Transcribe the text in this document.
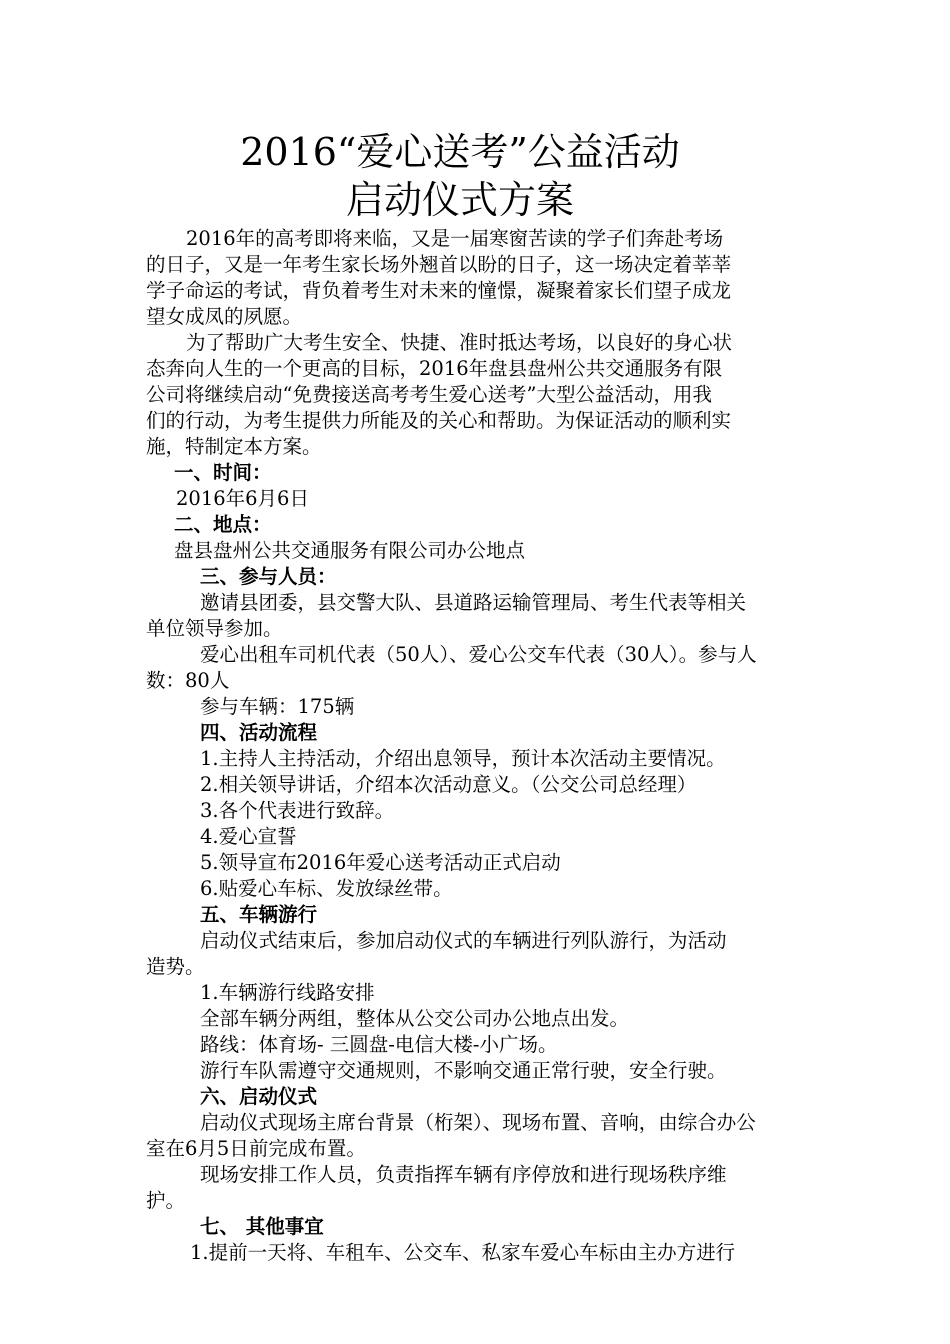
2016“爱心送考”公益活动
启动仪式方案
2016年的高考即将来临，又是一届寒窗苦读的学子们奔赴考场
的日子，又是一年考生家长场外翘首以盼的日子，这一场决定着莘莘
学子命运的考试，背负着考生对未来的憧憬，凝聚着家长们望子成龙
望女成凤的夙愿。
为了帮助广大考生安全、快捷、准时抵达考场，以良好的身心状
态奔向人生的一个更高的目标，2016年盘县盘州公共交通服务有限
公司将继续启动“免费接送高考考生爱心送考”大型公益活动，用我
们的行动，为考生提供力所能及的关心和帮助。为保证活动的顺利实
施，特制定本方案。
一、时间：
2016年6月6日
二、地点：
盘县盘州公共交通服务有限公司办公地点
三、参与人员：
邀请县团委，县交警大队、县道路运输管理局、考生代表等相关
单位领导参加。
爱心出租车司机代表（50人）、爱心公交车代表（30人）。参与人
数：80人
参与车辆：175辆
四、活动流程
1.主持人主持活动，介绍出息领导，预计本次活动主要情况。
2.相关领导讲话，介绍本次活动意义。（公交公司总经理）
3.各个代表进行致辞。
4.爱心宣誓
5.领导宣布2016年爱心送考活动正式启动
6.贴爱心车标、发放绿丝带。
五、车辆游行
启动仪式结束后，参加启动仪式的车辆进行列队游行，为活动
造势。
1.车辆游行线路安排
全部车辆分两组，整体从公交公司办公地点出发。
路线：体育场- 三圆盘-电信大楼-小广场。
游行车队需遵守交通规则，不影响交通正常行驶，安全行驶。
六、启动仪式
启动仪式现场主席台背景（桁架）、现场布置、音响，由综合办公
室在6月5日前完成布置。
现场安排工作人员，负责指挥车辆有序停放和进行现场秩序维
护。
七、 其他事宜
1.提前一天将、车租车、公交车、私家车爱心车标由主办方进行
